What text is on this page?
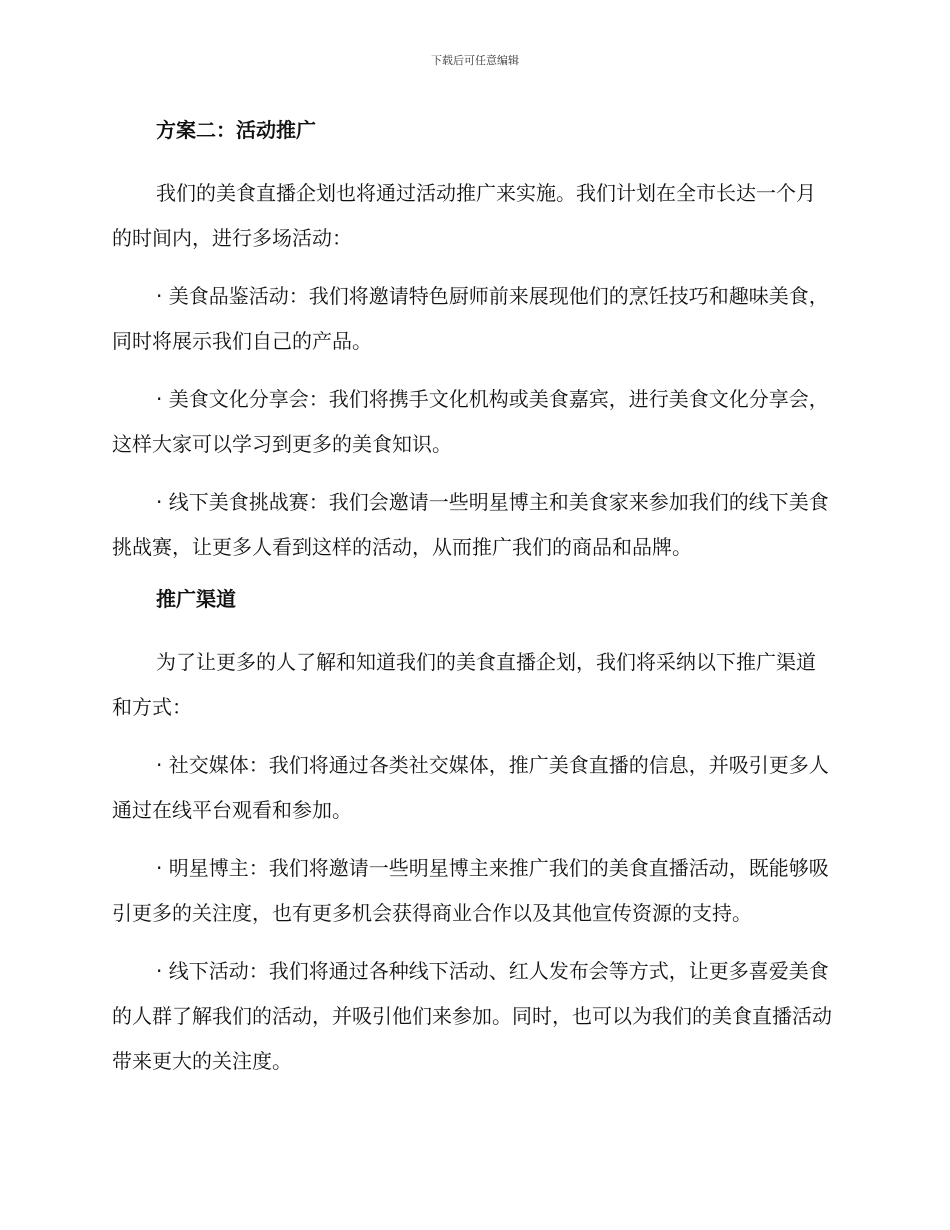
下载后可任意编辑
方案二：活动推广
我们的美食直播企划也将通过活动推广来实施。我们计划在全市长达一个月的时间内，进行多场活动：
· 美食品鉴活动：我们将邀请特色厨师前来展现他们的烹饪技巧和趣味美食，同时将展示我们自己的产品。
· 美食文化分享会：我们将携手文化机构或美食嘉宾，进行美食文化分享会，这样大家可以学习到更多的美食知识。
· 线下美食挑战赛：我们会邀请一些明星博主和美食家来参加我们的线下美食挑战赛，让更多人看到这样的活动，从而推广我们的商品和品牌。
推广渠道
为了让更多的人了解和知道我们的美食直播企划，我们将采纳以下推广渠道和方式：
· 社交媒体：我们将通过各类社交媒体，推广美食直播的信息，并吸引更多人通过在线平台观看和参加。
· 明星博主：我们将邀请一些明星博主来推广我们的美食直播活动，既能够吸引更多的关注度，也有更多机会获得商业合作以及其他宣传资源的支持。
· 线下活动：我们将通过各种线下活动、红人发布会等方式，让更多喜爱美食的人群了解我们的活动，并吸引他们来参加。同时，也可以为我们的美食直播活动带来更大的关注度。
